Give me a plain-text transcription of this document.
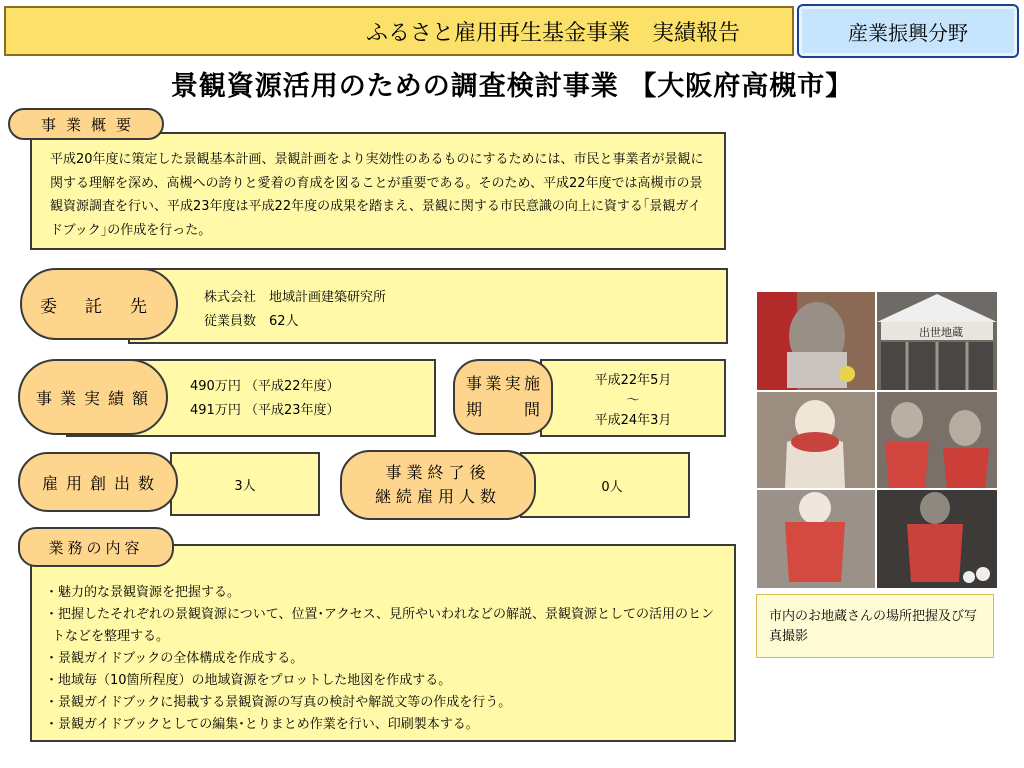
ふるさと雇用再生基金事業　実績報告	産業振興分野
景観資源活用のための調査検討事業 【大阪府高槻市】
平成20年度に策定した景観基本計画、景観計画をより実効性のあるものにするためには、市民と事業者が景観に関する理解を深め、高槻への誇りと愛着の育成を図ることが重要である。そのため、平成22年度では高槻市の景観資源調査を行い、平成23年度は平成22年度の成果を踏まえ、景観に関する市民意識の向上に資する｢景観ガイドブック｣の作成を行った。
事業概要
株式会社　地域計画建築研究所
従業員数　62人
委託先
490万円 （平成22年度）
491万円 （平成23年度）
事業実績額
平成22年5月
～
平成24年3月
事業実施
期間
3人
雇用創出数	0人
事業終了後
継続雇用人数

・魅力的な景観資源を把握する。

・把握したそれぞれの景観資源について、位置･アクセス、見所やいわれなどの解説、景観資源としての活用のヒントなどを整理する。

・景観ガイドブックの全体構成を作成する。

・地域毎（10箇所程度）の地域資源をプロットした地図を作成する。

・景観ガイドブックに掲載する景観資源の写真の検討や解説文等の作成を行う。

・景観ガイドブックとしての編集･とりまとめ作業を行い、印刷製本する。

業務の内容
出世地蔵
市内のお地蔵さんの場所把握及び写真撮影
